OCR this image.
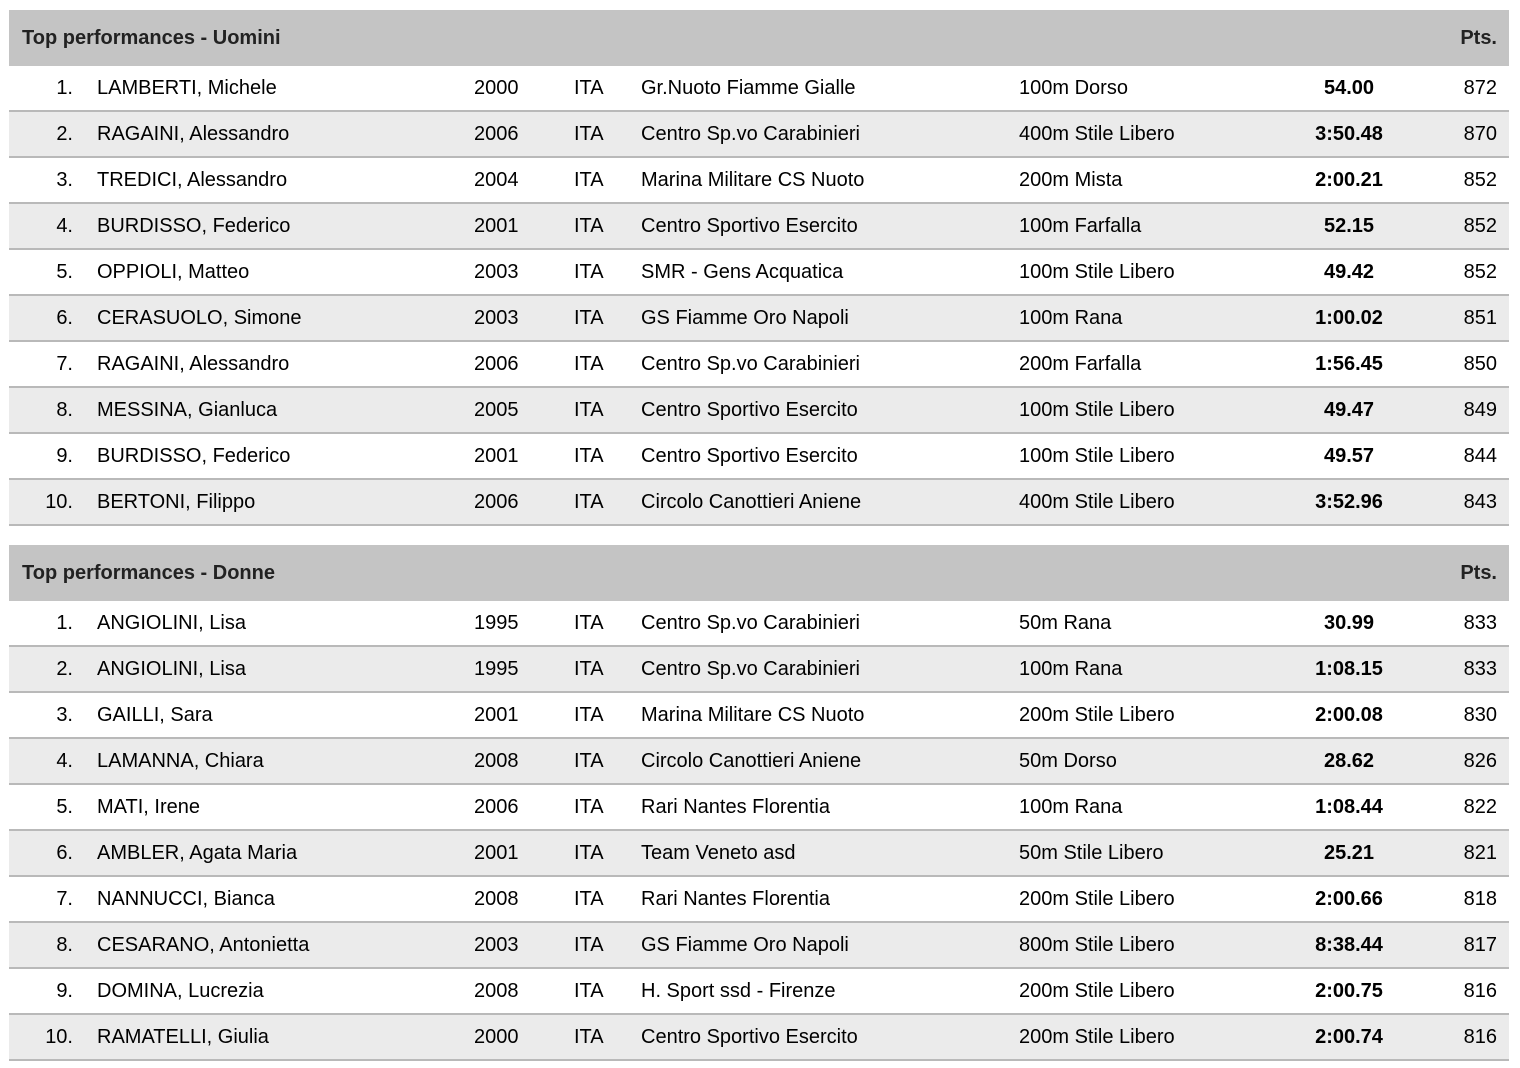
Top performances - Uomini	Pts.
1. LAMBERTI, Michele	2000	ITA Gr.Nuoto Fiamme Gialle	100m Dorso	54.00	872
2. RAGAINI, Alessandro	2006	ITA Centro Sp.vo Carabinieri	400m Stile Libero	3:50.48	870
3. TREDICI, Alessandro	2004	ITA Marina Militare CS Nuoto	200m Mista	2:00.21	852
4. BURDISSO, Federico	2001	ITA Centro Sportivo Esercito	100m Farfalla	52.15	852
5. OPPIOLI, Matteo	2003	ITA SMR - Gens Acquatica	100m Stile Libero	49.42	852
6. CERASUOLO, Simone	2003	ITA GS Fiamme Oro Napoli	100m Rana	1:00.02	851
7. RAGAINI, Alessandro	2006	ITA Centro Sp.vo Carabinieri	200m Farfalla	1:56.45	850
8. MESSINA, Gianluca	2005	ITA Centro Sportivo Esercito	100m Stile Libero	49.47	849
9. BURDISSO, Federico	2001	ITA Centro Sportivo Esercito	100m Stile Libero	49.57	844
10. BERTONI, Filippo	2006	ITA Circolo Canottieri Aniene	400m Stile Libero	3:52.96	843
Top performances - Donne	Pts.
1. ANGIOLINI, Lisa	1995	ITA Centro Sp.vo Carabinieri	50m Rana	30.99	833
2. ANGIOLINI, Lisa	1995	ITA Centro Sp.vo Carabinieri	100m Rana	1:08.15	833
3. GAILLI, Sara	2001	ITA Marina Militare CS Nuoto	200m Stile Libero	2:00.08	830
4. LAMANNA, Chiara	2008	ITA Circolo Canottieri Aniene	50m Dorso	28.62	826
5. MATI, Irene	2006	ITA Rari Nantes Florentia	100m Rana	1:08.44	822
6. AMBLER, Agata Maria	2001	ITA Team Veneto asd	50m Stile Libero	25.21	821
7. NANNUCCI, Bianca	2008	ITA Rari Nantes Florentia	200m Stile Libero	2:00.66	818
8. CESARANO, Antonietta	2003	ITA GS Fiamme Oro Napoli	800m Stile Libero	8:38.44	817
9. DOMINA, Lucrezia	2008	ITA H. Sport ssd - Firenze	200m Stile Libero	2:00.75	816
10. RAMATELLI, Giulia	2000	ITA Centro Sportivo Esercito	200m Stile Libero	2:00.74	816
